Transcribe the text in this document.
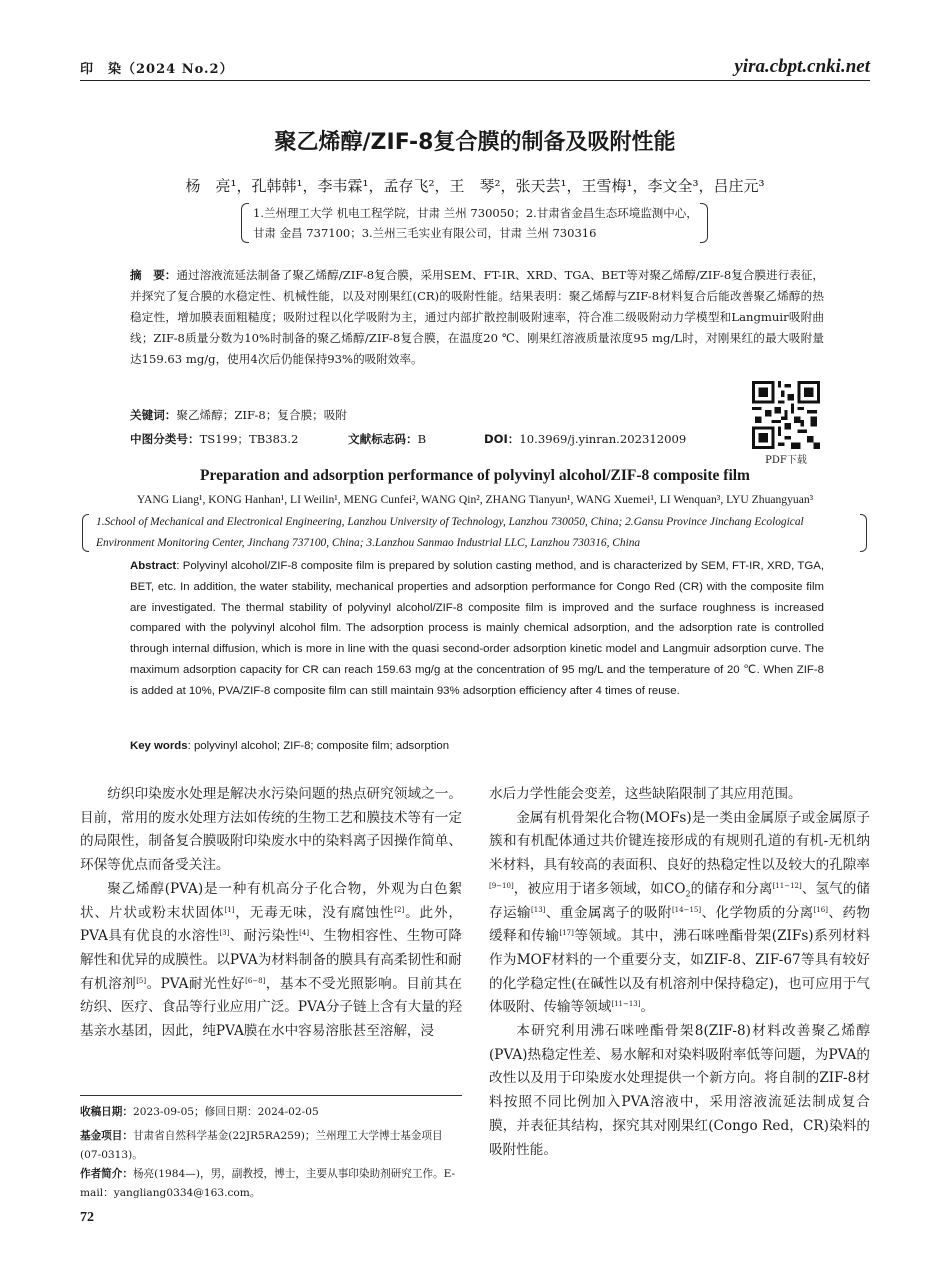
印　染（2024 No.2）	yira.cbpt.cnki.net
聚乙烯醇/ZIF-8复合膜的制备及吸附性能
杨　亮¹，孔韩韩¹，李韦霖¹，孟存飞²，王　琴²，张天芸¹，王雪梅¹，李文全³，吕庄元³
1.兰州理工大学 机电工程学院，甘肃 兰州 730050；2.甘肃省金昌生态环境监测中心，甘肃 金昌 737100；3.兰州三毛实业有限公司，甘肃 兰州 730316
摘　要：通过溶液流延法制备了聚乙烯醇/ZIF-8复合膜，采用SEM、FT-IR、XRD、TGA、BET等对聚乙烯醇/ZIF-8复合膜进行表征，并探究了复合膜的水稳定性、机械性能，以及对刚果红(CR)的吸附性能。结果表明：聚乙烯醇与ZIF-8材料复合后能改善聚乙烯醇的热稳定性，增加膜表面粗糙度；吸附过程以化学吸附为主，通过内部扩散控制吸附速率，符合准二级吸附动力学模型和Langmuir吸附曲线；ZIF-8质量分数为10%时制备的聚乙烯醇/ZIF-8复合膜，在温度20 ℃、刚果红溶液质量浓度95 mg/L时，对刚果红的最大吸附量达159.63 mg/g，使用4次后仍能保持93%的吸附效率。
关键词：聚乙烯醇；ZIF-8；复合膜；吸附
中图分类号：TS199；TB383.2	文献标志码：B	DOI：10.3969/j.yinran.202312009
PDF下载
Preparation and adsorption performance of polyvinyl alcohol/ZIF-8 composite film
YANG Liang¹, KONG Hanhan¹, LI Weilin¹, MENG Cunfei², WANG Qin², ZHANG Tianyun¹, WANG Xuemei¹, LI Wenquan³, LYU Zhuangyuan³
1.School of Mechanical and Electronical Engineering, Lanzhou University of Technology, Lanzhou 730050, China; 2.Gansu Province Jinchang Ecological Environment Monitoring Center, Jinchang 737100, China; 3.Lanzhou Sanmao Industrial LLC, Lanzhou 730316, China
Abstract: Polyvinyl alcohol/ZIF-8 composite film is prepared by solution casting method, and is characterized by SEM, FT-IR, XRD, TGA, BET, etc. In addition, the water stability, mechanical properties and adsorption performance for Congo Red (CR) with the composite film are investigated. The thermal stability of polyvinyl alcohol/ZIF-8 composite film is improved and the surface roughness is increased compared with the polyvinyl alcohol film. The adsorption process is mainly chemical adsorption, and the adsorption rate is controlled through internal diffusion, which is more in line with the quasi second-order adsorption kinetic model and Langmuir adsorption curve. The maximum adsorption capacity for CR can reach 159.63 mg/g at the concentration of 95 mg/L and the temperature of 20 ℃. When ZIF-8 is added at 10%, PVA/ZIF-8 composite film can still maintain 93% adsorption efficiency after 4 times of reuse.
Key words: polyvinyl alcohol; ZIF-8; composite film; adsorption

纺织印染废水处理是解决水污染问题的热点研究领域之一。目前，常用的废水处理方法如传统的生物工艺和膜技术等有一定的局限性，制备复合膜吸附印染废水中的染料离子因操作简单、环保等优点而备受关注。

聚乙烯醇(PVA)是一种有机高分子化合物，外观为白色絮状、片状或粉末状固体[1]，无毒无味，没有腐蚀性[2]。此外，PVA具有优良的水溶性[3]、耐污染性[4]、生物相容性、生物可降解性和优异的成膜性。以PVA为材料制备的膜具有高柔韧性和耐有机溶剂[5]。PVA耐光性好[6−8]，基本不受光照影响。目前其在纺织、医疗、食品等行业应用广泛。PVA分子链上含有大量的羟基亲水基团，因此，纯PVA膜在水中容易溶胀甚至溶解，浸

水后力学性能会变差，这些缺陷限制了其应用范围。

金属有机骨架化合物(MOFs)是一类由金属原子或金属原子簇和有机配体通过共价键连接形成的有规则孔道的有机-无机纳米材料，具有较高的表面积、良好的热稳定性以及较大的孔隙率[9−10]，被应用于诸多领域，如$CO_2$的储存和分离[11−12]、氢气的储存运输[13]、重金属离子的吸附[14−15]、化学物质的分离[16]、药物缓释和传输[17]等领域。其中，沸石咪唑酯骨架(ZIFs)系列材料作为MOF材料的一个重要分支，如ZIF-8、ZIF-67等具有较好的化学稳定性(在碱性以及有机溶剂中保持稳定)，也可应用于气体吸附、传输等领域[11−13]。

本研究利用沸石咪唑酯骨架8(ZIF-8)材料改善聚乙烯醇(PVA)热稳定性差、易水解和对染料吸附率低等问题，为PVA的改性以及用于印染废水处理提供一个新方向。将自制的ZIF-8材料按照不同比例加入PVA溶液中，采用溶液流延法制成复合膜，并表征其结构，探究其对刚果红(Congo Red，CR)染料的吸附性能。

收稿日期：2023-09-05；修回日期：2024-02-05
基金项目：甘肃省自然科学基金(22JR5RA259)；兰州理工大学博士基金项目(07-0313)。
作者简介：杨亮(1984—)，男，副教授，博士，主要从事印染助剂研究工作。E-mail：yangliang0334@163.com。
72
